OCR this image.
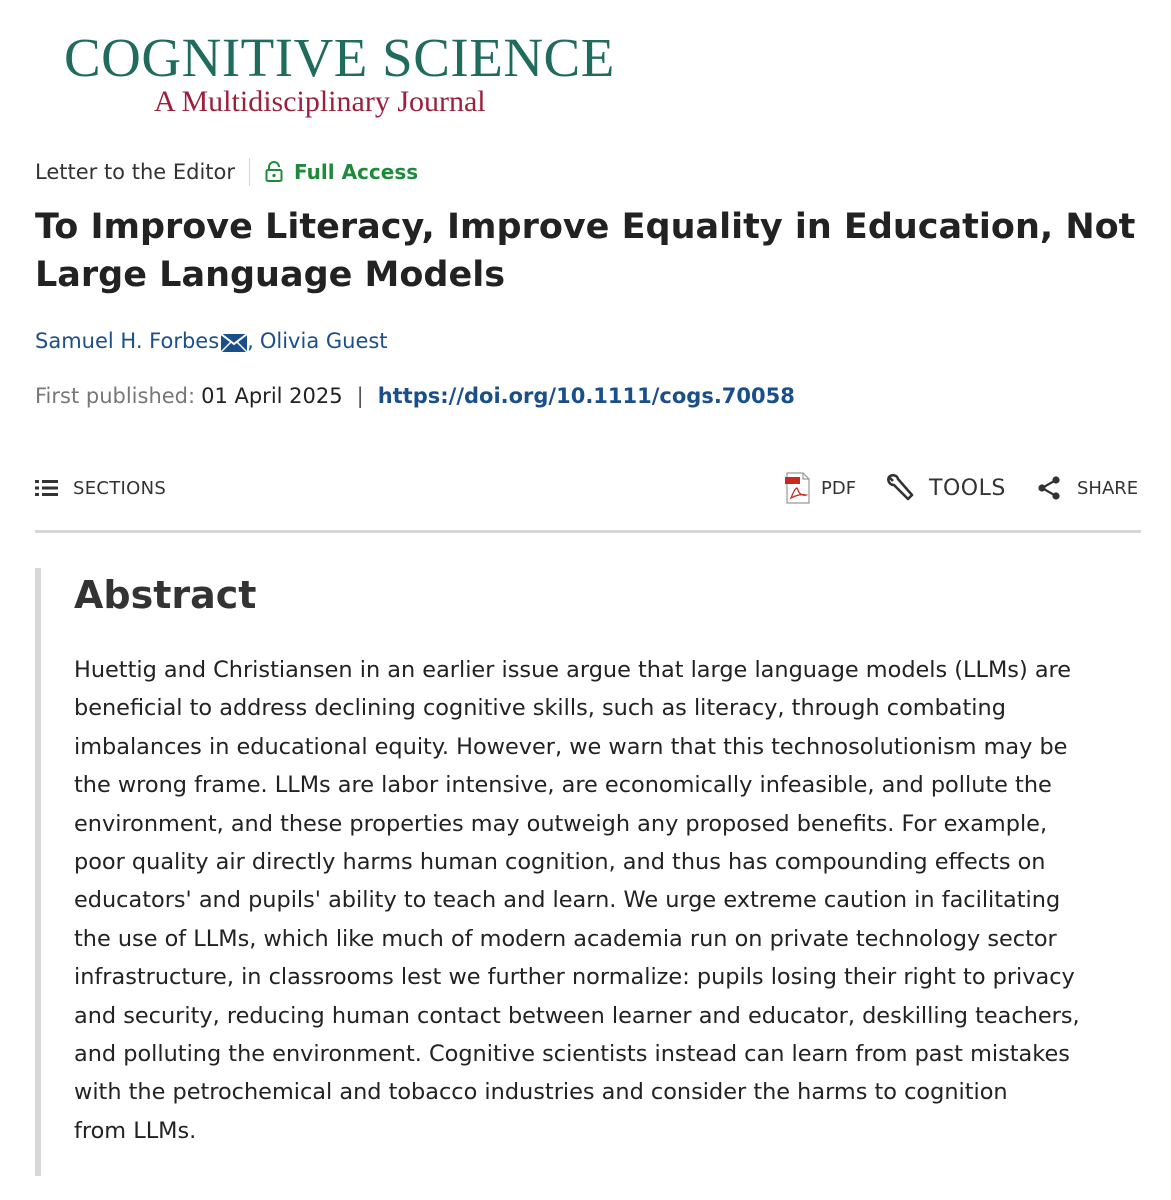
COGNITIVE SCIENCE
A Multidisciplinary Journal
Letter to the Editor	Full Access
To Improve Literacy, Improve Equality in Education, Not Large Language Models
Samuel H. Forbes , Olivia Guest
First published: 01 April 2025 | https://doi.org/10.1111/cogs.70058
SECTIONS	PDF	TOOLS	SHARE
Abstract
Huettig and Christiansen in an earlier issue argue that large language models (LLMs) are
beneficial to address declining cognitive skills, such as literacy, through combating
imbalances in educational equity. However, we warn that this technosolutionism may be
the wrong frame. LLMs are labor intensive, are economically infeasible, and pollute the
environment, and these properties may outweigh any proposed benefits. For example,
poor quality air directly harms human cognition, and thus has compounding effects on
educators' and pupils' ability to teach and learn. We urge extreme caution in facilitating
the use of LLMs, which like much of modern academia run on private technology sector
infrastructure, in classrooms lest we further normalize: pupils losing their right to privacy
and security, reducing human contact between learner and educator, deskilling teachers,
and polluting the environment. Cognitive scientists instead can learn from past mistakes
with the petrochemical and tobacco industries and consider the harms to cognition
from LLMs.
